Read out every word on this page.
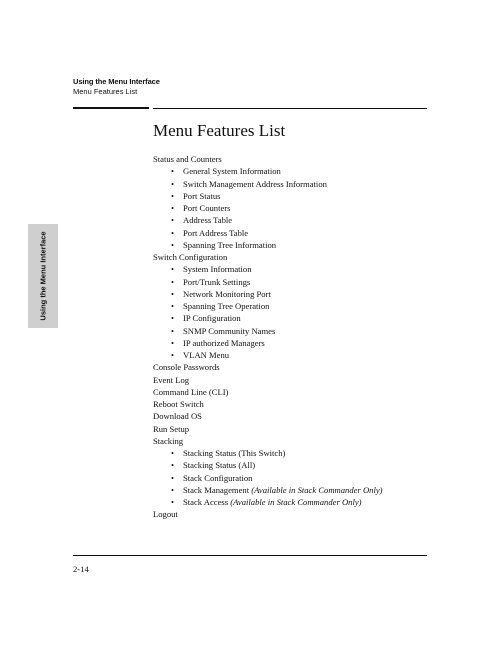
Using the Menu Interface
Menu Features List
Using the Menu Interface
Menu Features List
Status and Counters
General System Information
Switch Management Address Information
Port Status
Port Counters
Address Table
Port Address Table
Spanning Tree Information
Switch Configuration
System Information
Port/Trunk Settings
Network Monitoring Port
Spanning Tree Operation
IP Configuration
SNMP Community Names
IP authorized Managers
VLAN Menu
Console Passwords
Event Log
Command Line (CLI)
Reboot Switch
Download OS
Run Setup
Stacking
Stacking Status (This Switch)
Stacking Status (All)
Stack Configuration
Stack Management (Available in Stack Commander Only)
Stack Access (Available in Stack Commander Only)
Logout
2-14
